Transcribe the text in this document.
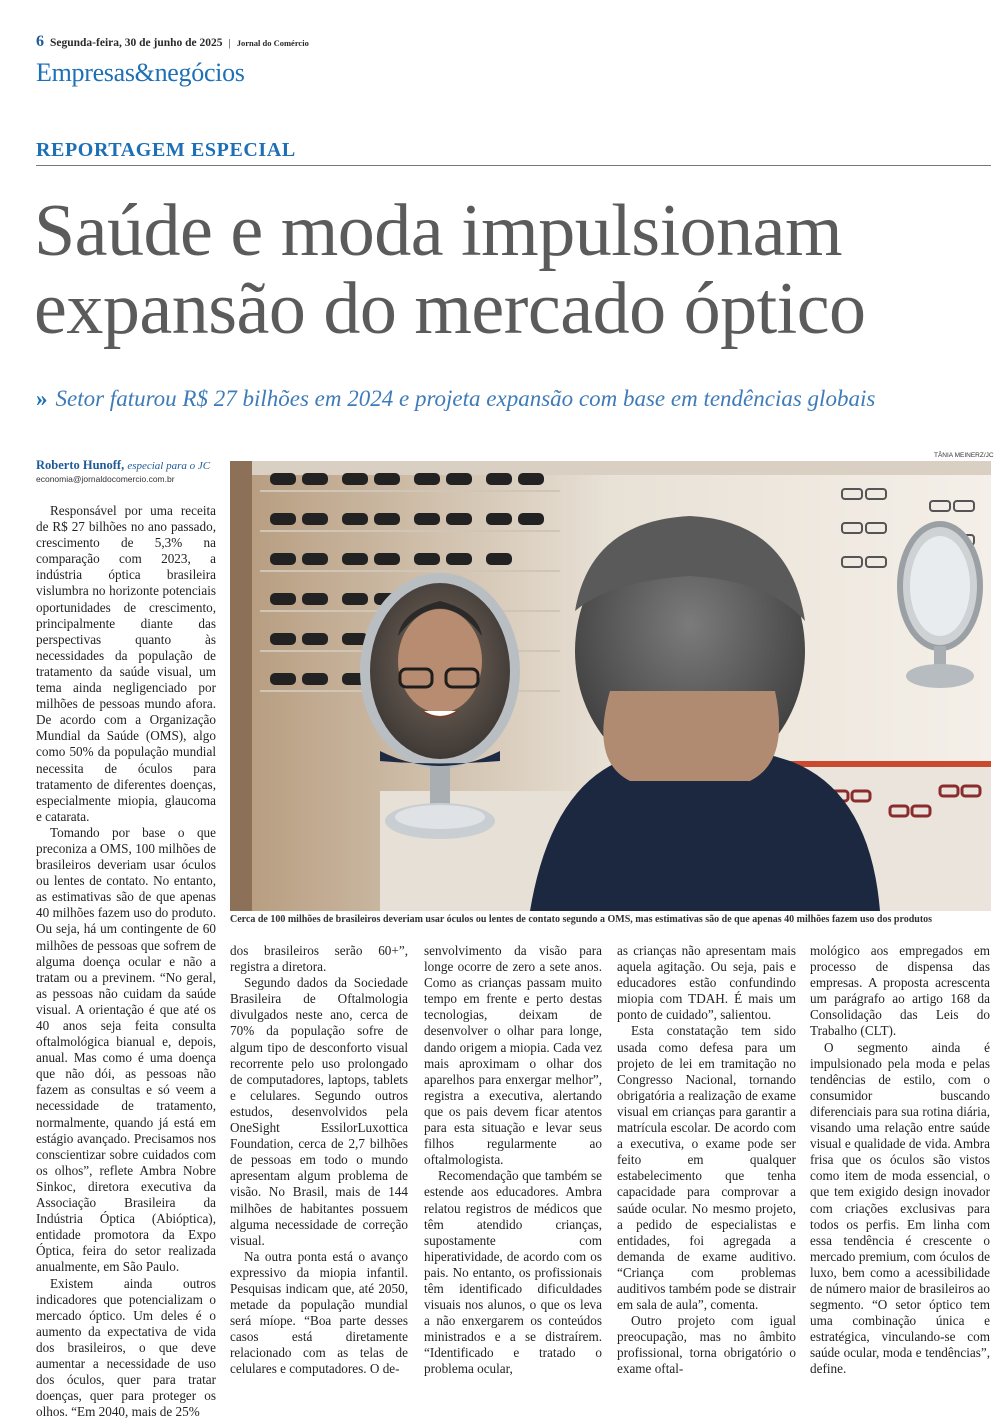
6 Segunda-feira, 30 de junho de 2025 | Jornal do Comércio
Empresas&negócios
REPORTAGEM ESPECIAL
Saúde e moda impulsionam
expansão do mercado óptico
» Setor faturou R$ 27 bilhões em 2024 e projeta expansão com base em tendências globais
Roberto Hunoff, especial para o JC
economia@jornaldocomercio.com.br
TÂNIA MEINERZ/JC
Cerca de 100 milhões de brasileiros deveriam usar óculos ou lentes de contato segundo a OMS, mas estimativas são de que apenas 40 milhões fazem uso dos produtos

Responsável por uma receita de R$ 27 bilhões no ano passado, crescimento de 5,3% na comparação com 2023, a indústria óptica brasileira vislumbra no horizonte potenciais oportunidades de crescimento, principalmente diante das perspectivas quanto às necessidades da população de tratamento da saúde visual, um tema ainda negligenciado por milhões de pessoas mundo afora. De acordo com a Organização Mundial da Saúde (OMS), algo como 50% da população mundial necessita de óculos para tratamento de diferentes doenças, especialmente miopia, glaucoma e catarata.

Tomando por base o que preconiza a OMS, 100 milhões de brasileiros deveriam usar óculos ou lentes de contato. No entanto, as estimativas são de que apenas 40 milhões fazem uso do produto. Ou seja, há um contingente de 60 milhões de pessoas que sofrem de alguma doença ocular e não a tratam ou a previnem. “No geral, as pessoas não cuidam da saúde visual. A orientação é que até os 40 anos seja feita consulta oftalmológica bianual e, depois, anual. Mas como é uma doença que não dói, as pessoas não fazem as consultas e só veem a necessidade de tratamento, normalmente, quando já está em estágio avançado. Precisamos nos conscientizar sobre cuidados com os olhos”, reflete Ambra Nobre Sinkoc, diretora executiva da Associação Brasileira da Indústria Óptica (Abióptica), entidade promotora da Expo Óptica, feira do setor realizada anualmente, em São Paulo.

Existem ainda outros indicadores que potencializam o mercado óptico. Um deles é o aumento da expectativa de vida dos brasileiros, o que deve aumentar a necessidade de uso dos óculos, quer para tratar doenças, quer para proteger os olhos. “Em 2040, mais de 25%

dos brasileiros serão 60+”, registra a diretora.

Segundo dados da Sociedade Brasileira de Oftalmologia divulgados neste ano, cerca de 70% da população sofre de algum tipo de desconforto visual recorrente pelo uso prolongado de computadores, laptops, tablets e celulares. Segundo outros estudos, desenvolvidos pela OneSight EssilorLuxottica Foundation, cerca de 2,7 bilhões de pessoas em todo o mundo apresentam algum problema de visão. No Brasil, mais de 144 milhões de habitantes possuem alguma necessidade de correção visual.

Na outra ponta está o avanço expressivo da miopia infantil. Pesquisas indicam que, até 2050, metade da população mundial será míope. “Boa parte desses casos está diretamente relacionado com as telas de celulares e computadores. O de-

senvolvimento da visão para longe ocorre de zero a sete anos. Como as crianças passam muito tempo em frente e perto destas tecnologias, deixam de desenvolver o olhar para longe, dando origem a miopia. Cada vez mais aproximam o olhar dos aparelhos para enxergar melhor”, registra a executiva, alertando que os pais devem ficar atentos para esta situação e levar seus filhos regularmente ao oftalmologista.

Recomendação que também se estende aos educadores. Ambra relatou registros de médicos que têm atendido crianças, supostamente com hiperatividade, de acordo com os pais. No entanto, os profissionais têm identificado dificuldades visuais nos alunos, o que os leva a não enxergarem os conteúdos ministrados e a se distraírem. “Identificado e tratado o problema ocular,

as crianças não apresentam mais aquela agitação. Ou seja, pais e educadores estão confundindo miopia com TDAH. É mais um ponto de cuidado”, salientou.

Esta constatação tem sido usada como defesa para um projeto de lei em tramitação no Congresso Nacional, tornando obrigatória a realização de exame visual em crianças para garantir a matrícula escolar. De acordo com a executiva, o exame pode ser feito em qualquer estabelecimento que tenha capacidade para comprovar a saúde ocular. No mesmo projeto, a pedido de especialistas e entidades, foi agregada a demanda de exame auditivo. “Criança com problemas auditivos também pode se distrair em sala de aula”, comenta.

Outro projeto com igual preocupação, mas no âmbito profissional, torna obrigatório o exame oftal-

mológico aos empregados em processo de dispensa das empresas. A proposta acrescenta um parágrafo ao artigo 168 da Consolidação das Leis do Trabalho (CLT).

O segmento ainda é impulsionado pela moda e pelas tendências de estilo, com o consumidor buscando diferenciais para sua rotina diária, visando uma relação entre saúde visual e qualidade de vida. Ambra frisa que os óculos são vistos como item de moda essencial, o que tem exigido design inovador com criações exclusivas para todos os perfis. Em linha com essa tendência é crescente o mercado premium, com óculos de luxo, bem como a acessibilidade de número maior de brasileiros ao segmento. “O setor óptico tem uma combinação única e estratégica, vinculando-se com saúde ocular, moda e tendências”, define.
